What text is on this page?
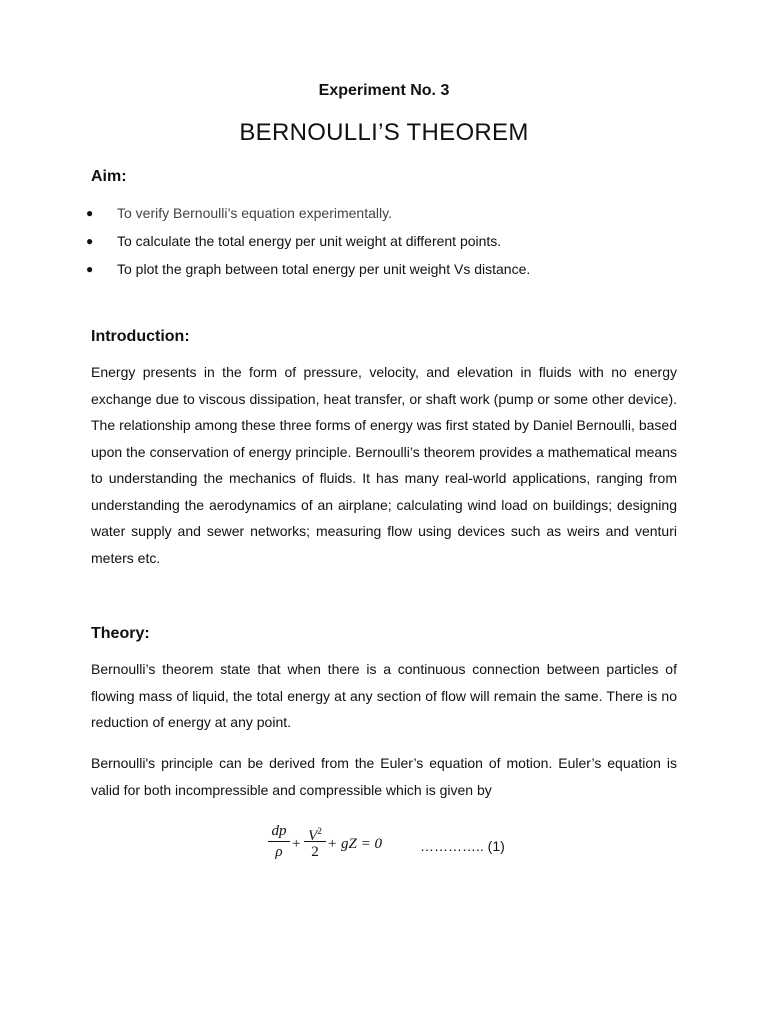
Experiment No. 3
BERNOULLI’S THEOREM
Aim:
● To verify Bernoulli’s equation experimentally.
● To calculate the total energy per unit weight at different points.
● To plot the graph between total energy per unit weight Vs distance.
Introduction:

Energy presents in the form of pressure, velocity, and elevation in fluids with no energy exchange due to viscous dissipation, heat transfer, or shaft work (pump or some other device). The relationship among these three forms of energy was first stated by Daniel Bernoulli, based upon the conservation of energy principle. Bernoulli’s theorem provides a mathematical means to understanding the mechanics of fluids. It has many real-world applications, ranging from understanding the aerodynamics of an airplane; calculating wind load on buildings; designing water supply and sewer networks; measuring flow using devices such as weirs and venturi meters etc.

Theory:

Bernoulli’s theorem state that when there is a continuous connection between particles of flowing mass of liquid, the total energy at any section of flow will remain the same. There is no reduction of energy at any point.

Bernoulli's principle can be derived from the Euler’s equation of motion. Euler’s equation is valid for both incompressible and compressible which is given by

dp
$\rho + V^2$
2 + gZ = 0	………….. (1)
